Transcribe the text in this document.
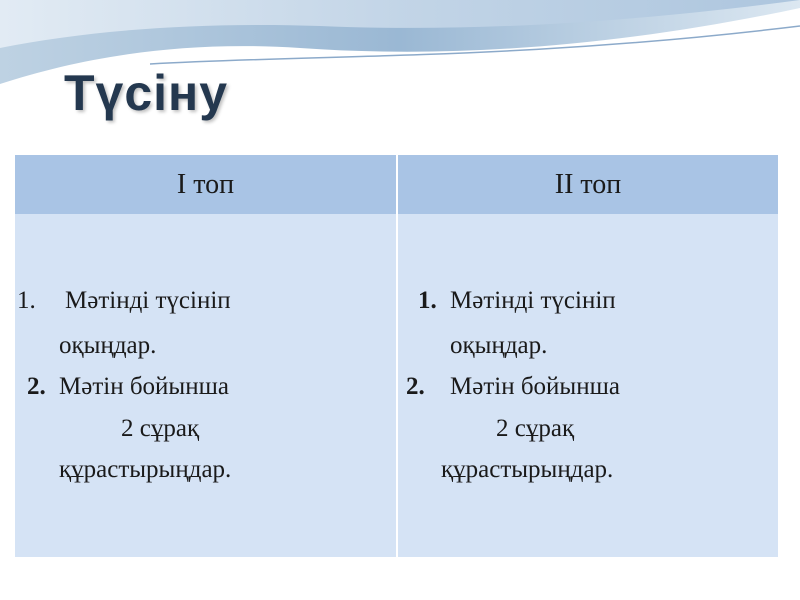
Түсіну
I топ	II топ
1. Мәтінді түсініп
оқыңдар.
2. Мәтін бойынша
2 сұрақ
құрастырыңдар.
1. Мәтінді түсініп
оқыңдар.
2. Мәтін бойынша
2 сұрақ
құрастырыңдар.
